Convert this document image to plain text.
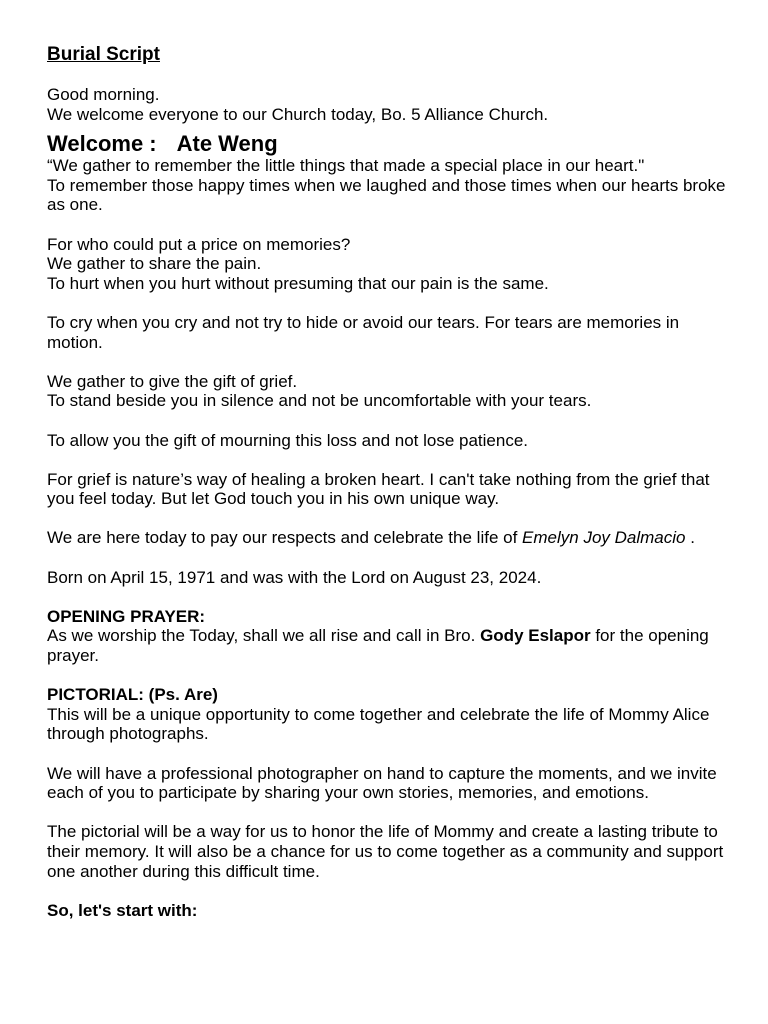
Burial Script

Good morning.

We welcome everyone to our Church today, Bo. 5 Alliance Church.

Welcome : Ate Weng

“We gather to remember the little things that made a special place in our heart."

To remember those happy times when we laughed and those times when our hearts broke as one.

For who could put a price on memories?

We gather to share the pain.

To hurt when you hurt without presuming that our pain is the same.

To cry when you cry and not try to hide or avoid our tears. For tears are memories in motion.

We gather to give the gift of grief.

To stand beside you in silence and not be uncomfortable with your tears.

To allow you the gift of mourning this loss and not lose patience.

For grief is nature’s way of healing a broken heart. I can't take nothing from the grief that you feel today. But let God touch you in his own unique way.

We are here today to pay our respects and celebrate the life of Emelyn Joy Dalmacio .

Born on April 15, 1971 and was with the Lord on August 23, 2024.

OPENING PRAYER:

As we worship the Today, shall we all rise and call in Bro. Gody Eslapor for the opening prayer.

PICTORIAL: (Ps. Are)

This will be a unique opportunity to come together and celebrate the life of Mommy Alice through photographs.

We will have a professional photographer on hand to capture the moments, and we invite each of you to participate by sharing your own stories, memories, and emotions.

The pictorial will be a way for us to honor the life of Mommy and create a lasting tribute to their memory. It will also be a chance for us to come together as a community and support one another during this difficult time.

So, let's start with:
